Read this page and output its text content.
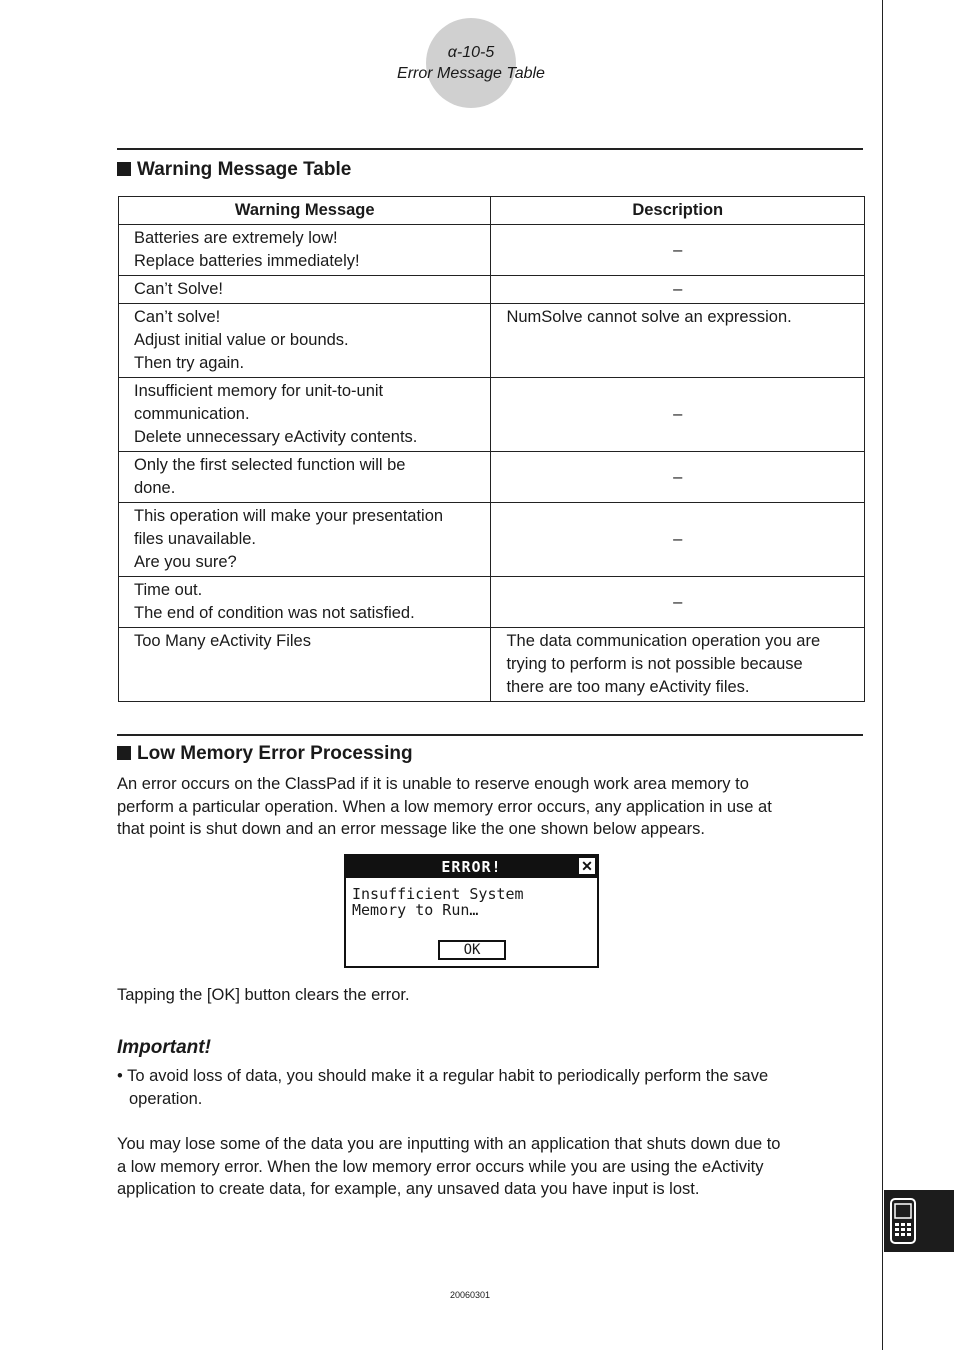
α-10-5
Error Message Table
Warning Message Table
Warning Message	Description

Batteries are extremely low!
Replace batteries immediately!	–

Can’t Solve!	–

Can’t solve!
Adjust initial value or bounds.
Then try again.	NumSolve cannot solve an expression.

Insufficient memory for unit-to-unit
communication.
Delete unnecessary eActivity contents.	–

Only the first selected function will be
done.	–

This operation will make your presentation
files unavailable.
Are you sure?	–

Time out.
The end of condition was not satisfied.	–

Too Many eActivity Files	The data communication operation you are
trying to perform is not possible because
there are too many eActivity files.
Low Memory Error Processing
An error occurs on the ClassPad if it is unable to reserve enough work area memory to
perform a particular operation. When a low memory error occurs, any application in use at
that point is shut down and an error message like the one shown below appears.
ERROR!	✕
Insufficient System
Memory to Run…
OK
Tapping the [OK] button clears the error.
Important!
• To avoid loss of data, you should make it a regular habit to periodically perform the save
operation.
You may lose some of the data you are inputting with an application that shuts down due to
a low memory error. When the low memory error occurs while you are using the eActivity
application to create data, for example, any unsaved data you have input is lost.
20060301
